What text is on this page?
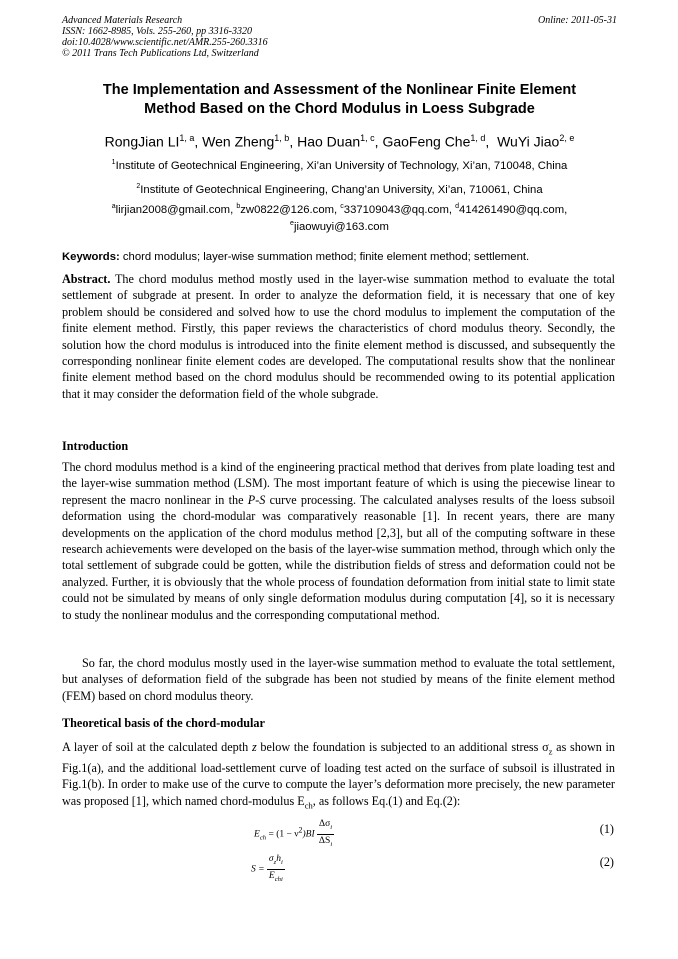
Advanced Materials Research
ISSN: 1662-8985, Vols. 255-260, pp 3316-3320
doi:10.4028/www.scientific.net/AMR.255-260.3316
© 2011 Trans Tech Publications Ltd, Switzerland
Online: 2011-05-31
The Implementation and Assessment of the Nonlinear Finite Element
Method Based on the Chord Modulus in Loess Subgrade
RongJian LI$^{1, a}$, Wen Zheng$^{1, b}$, Hao Duan$^{1, c}$, GaoFeng Che$^{1, d}$,  WuYi Jiao$^{2, e}$
$^1$Institute of Geotechnical Engineering, Xi’an University of Technology, Xi’an, 710048, China
$^2$Institute of Geotechnical Engineering, Chang’an University, Xi’an, 710061, China
$^a$lirjian2008@gmail.com, $^b$zw0822@126.com, $^c$337109043@qq.com, $^d$414261490@qq.com,
$^e$jiaowuyi@163.com
Keywords: chord modulus; layer-wise summation method; finite element method; settlement.
Abstract. The chord modulus method mostly used in the layer-wise summation method to evaluate the total settlement of subgrade at present. In order to analyze the deformation field, it is necessary that one of key problem should be considered and solved how to use the chord modulus to implement the computation of the finite element method. Firstly, this paper reviews the characteristics of chord modulus theory. Secondly, the solution how the chord modulus is introduced into the finite element method is discussed, and subsequently the corresponding nonlinear finite element codes are developed. The computational results show that the nonlinear finite element method based on the chord modulus should be recommended owing to its potential application that it may consider the deformation field of the whole subgrade.
Introduction
The chord modulus method is a kind of the engineering practical method that derives from plate loading test and the layer-wise summation method (LSM). The most important feature of which is using the piecewise linear to represent the macro nonlinear in the P-S curve processing. The calculated analyses results of the loess subsoil deformation using the chord-modular was comparatively reasonable [1]. In recent years, there are many developments on the application of the chord modulus method [2,3], but all of the computing software in these research achievements were developed on the basis of the layer-wise summation method, through which only the total settlement of subgrade could be gotten, while the distribution fields of stress and deformation could not be analyzed. Further, it is obviously that the whole process of foundation deformation from initial state to limit state could not be simulated by means of only single deformation modulus during computation [4], so it is necessary to study the nonlinear modulus and the corresponding computational method.
So far, the chord modulus mostly used in the layer-wise summation method to evaluate the total settlement, but analyses of deformation field of the subgrade has been not studied by means of the finite element method (FEM) based on chord modulus theory.
Theoretical basis of the chord-modular
A layer of soil at the calculated depth z below the foundation is subjected to an additional stress $\sigma_z$ as shown in Fig.1(a), and the additional load-settlement curve of loading test acted on the surface of subsoil is illustrated in Fig.1(b). In order to make use of the curve to compute the layer’s deformation more precisely, the new parameter was proposed [1], which named chord-modulus $E_{ch}$, as follows Eq.(1) and Eq.(2):
$E_{ch} = (1 - \nu^2)BI \frac{\Delta\sigma_i}{\Delta S_i}$	(1)
$S = \frac{\sigma_zh_i}{E_{chi}}$	(2)
